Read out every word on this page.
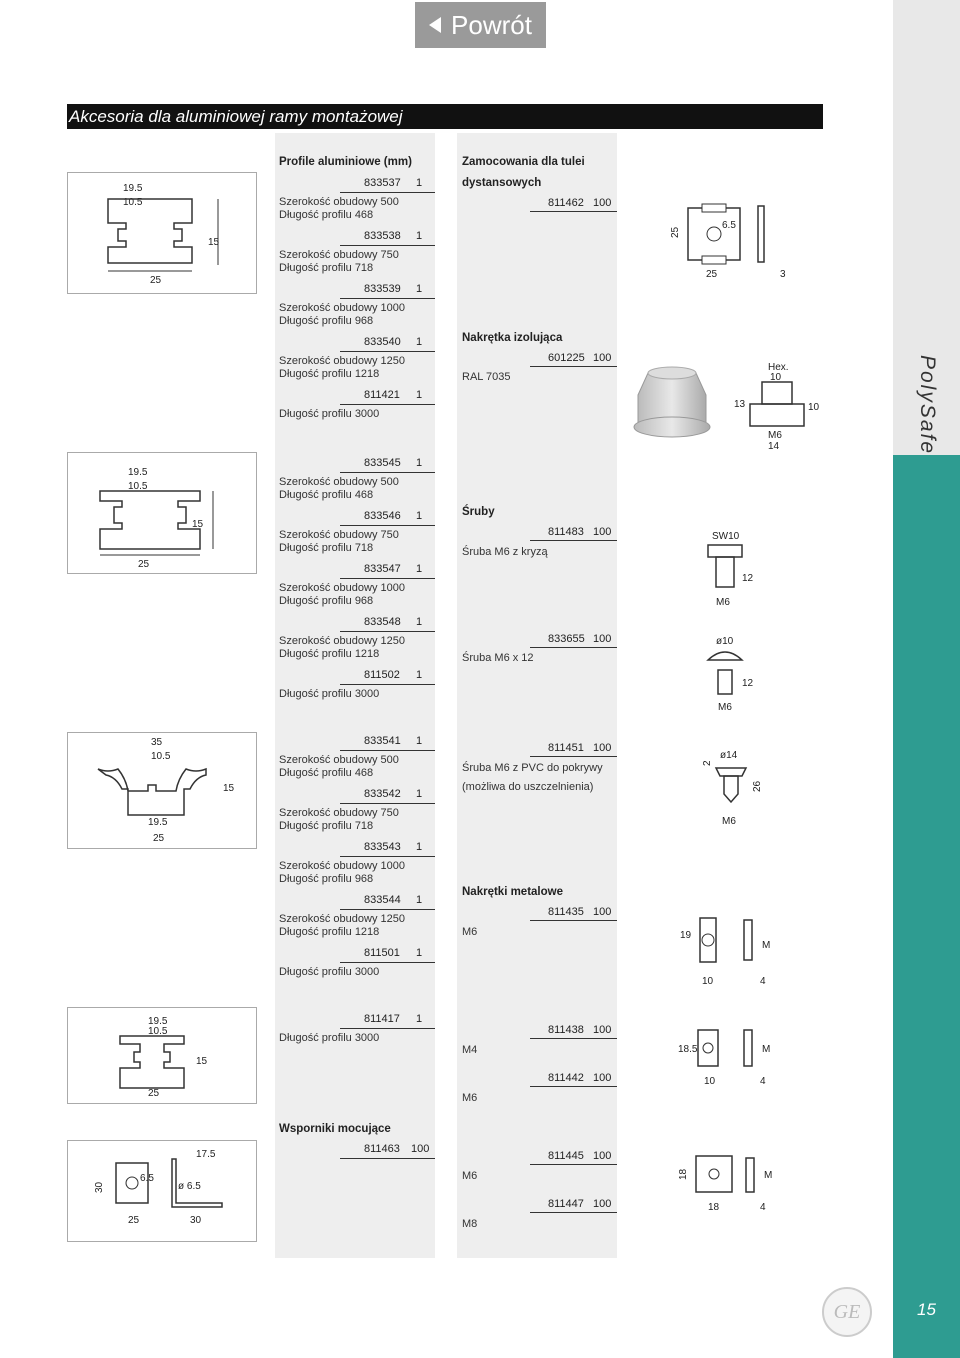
Powrót
PolySafe
GE	15
Akcesoria dla aluminiowej ramy montażowej
19.5
10.5
15
25
19.5
10.5
15
25
35
10.5
15
19.5
25
19.5
10.5
15
25
17.5
30
6.5
ø 6.5
25	30
Profile aluminiowe (mm)
833537 1
Szerokość obudowy 500
Długość profilu 468
833538 1
Szerokość obudowy 750
Długość profilu 718
833539 1
Szerokość obudowy 1000
Długość profilu 968
833540 1
Szerokość obudowy 1250
Długość profilu 1218
811421 1
Długość profilu 3000
833545 1
Szerokość obudowy 500
Długość profilu 468
833546 1
Szerokość obudowy 750
Długość profilu 718
833547 1
Szerokość obudowy 1000
Długość profilu 968
833548 1
Szerokość obudowy 1250
Długość profilu 1218
811502 1
Długość profilu 3000
833541 1
Szerokość obudowy 500
Długość profilu 468
833542 1
Szerokość obudowy 750
Długość profilu 718
833543 1
Szerokość obudowy 1000
Długość profilu 968
833544 1
Szerokość obudowy 1250
Długość profilu 1218
811501 1
Długość profilu 3000
811417 1
Długość profilu 3000
Wsporniki mocujące
811463 100
Zamocowania dla tulei
dystansowych
811462 100
Nakrętka izolująca
601225 100
RAL 7035
Śruby
811483 100
Śruba M6 z kryzą
833655 100
Śruba M6 x 12
811451 100
Śruba M6 z PVC do pokrywy
(możliwa do uszczelnienia)
Nakrętki metalowe
811435 100
M6
811438 100
M4
811442 100
M6
811445 100
M6
811447 100
M8
25
6.5
25	3
Hex.
10
13	10
M6
14
SW10
12
M6
ø10
12
M6
2
ø14
26
M6
19
M
10	4
18.5	M
10	4
18	M
18	4
